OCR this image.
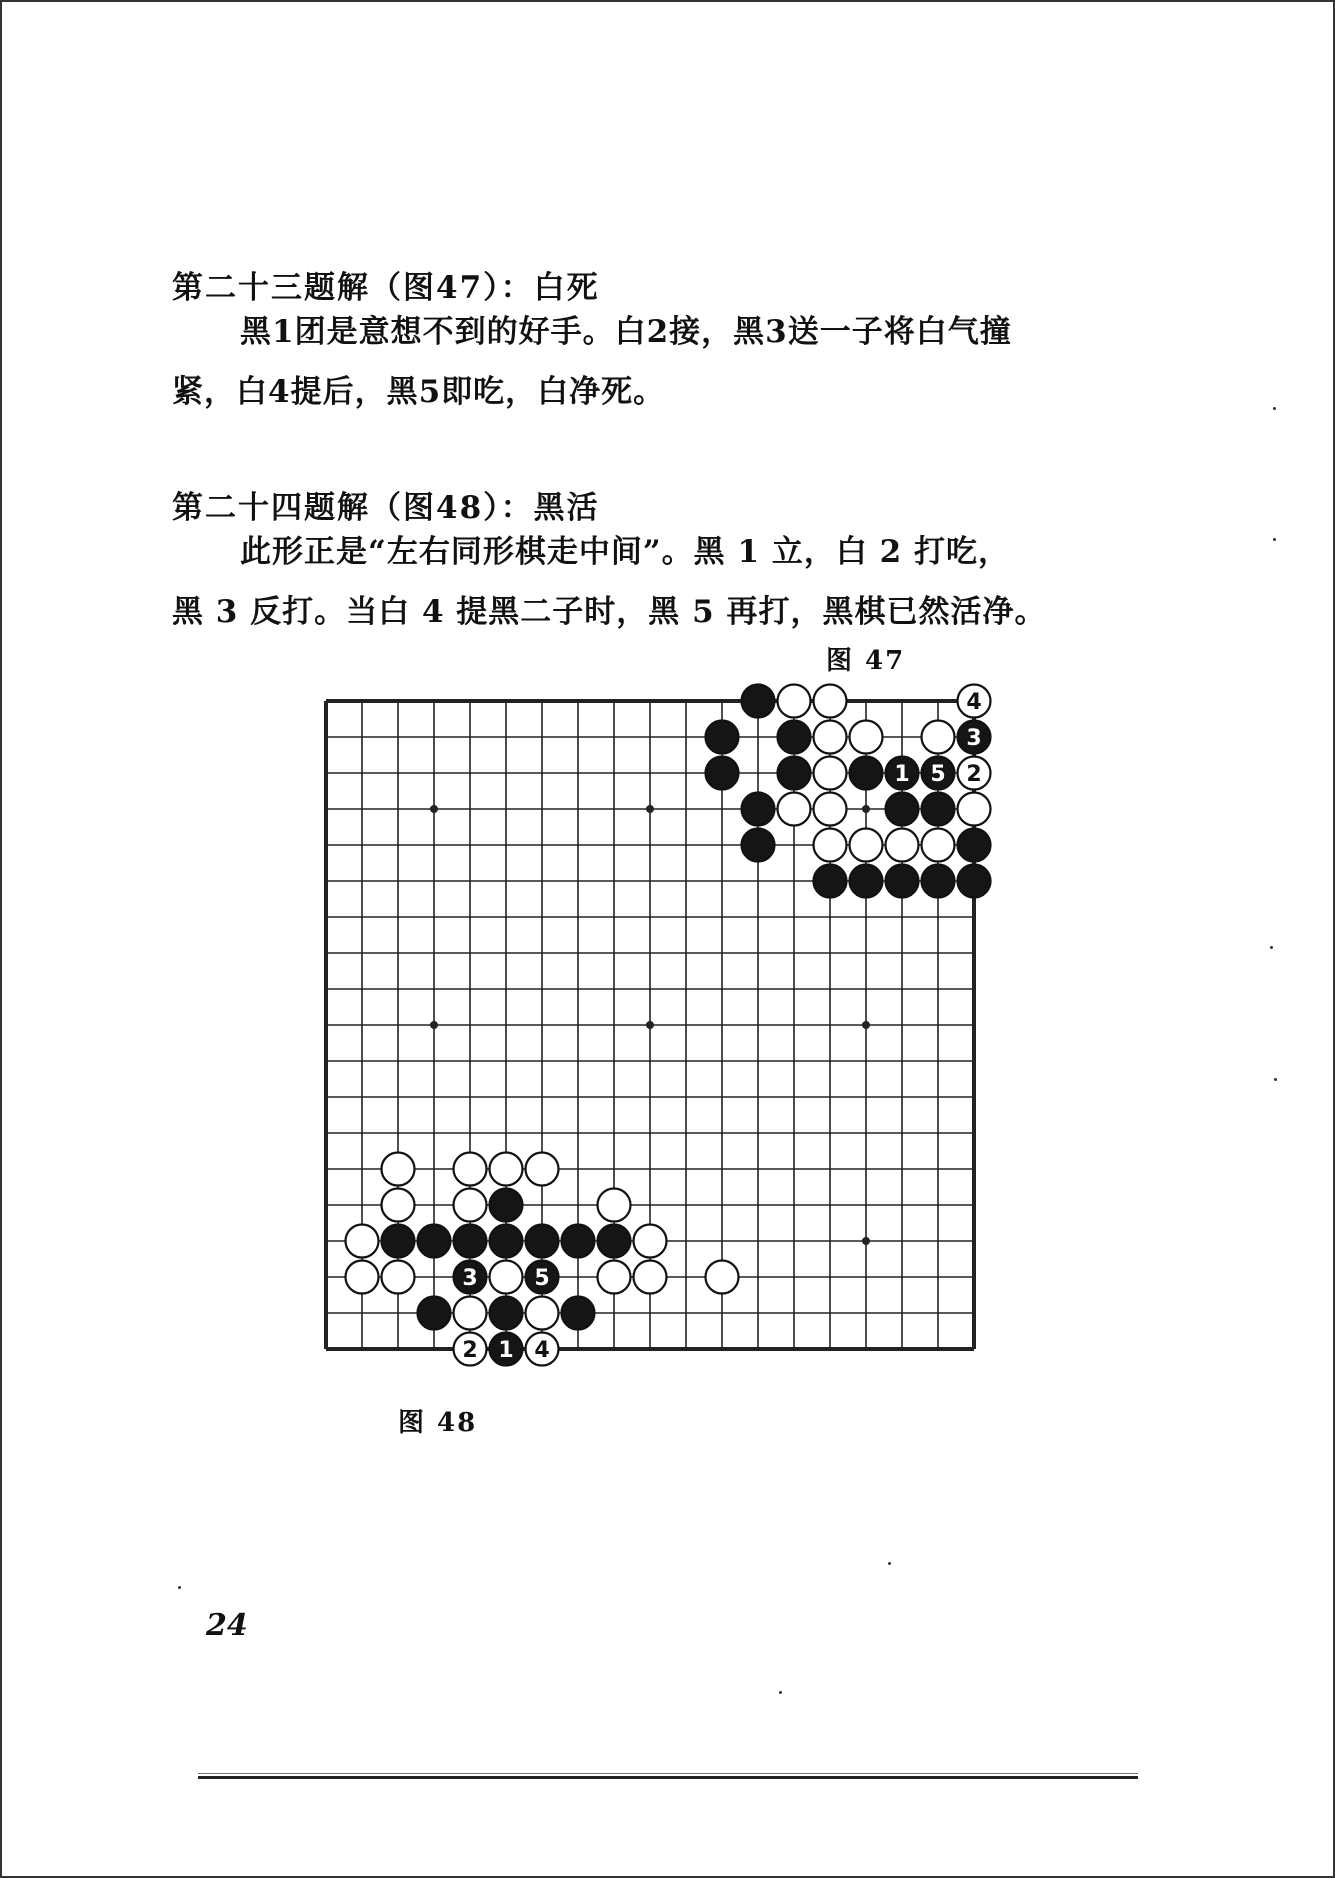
第二十三题解（图47）：白死
黑1团是意想不到的好手。白2接，黑3送一子将白气撞
紧，白4提后，黑5即吃，白净死。
第二十四题解（图48）：黑活
此形正是“左右同形棋走中间”。黑 1 立，白 2 打吃，
黑 3 反打。当白 4 提黑二子时，黑 5 再打，黑棋已然活净。
图 47
4
3
1 5 2
3	5
2 1 4
图 48
24
